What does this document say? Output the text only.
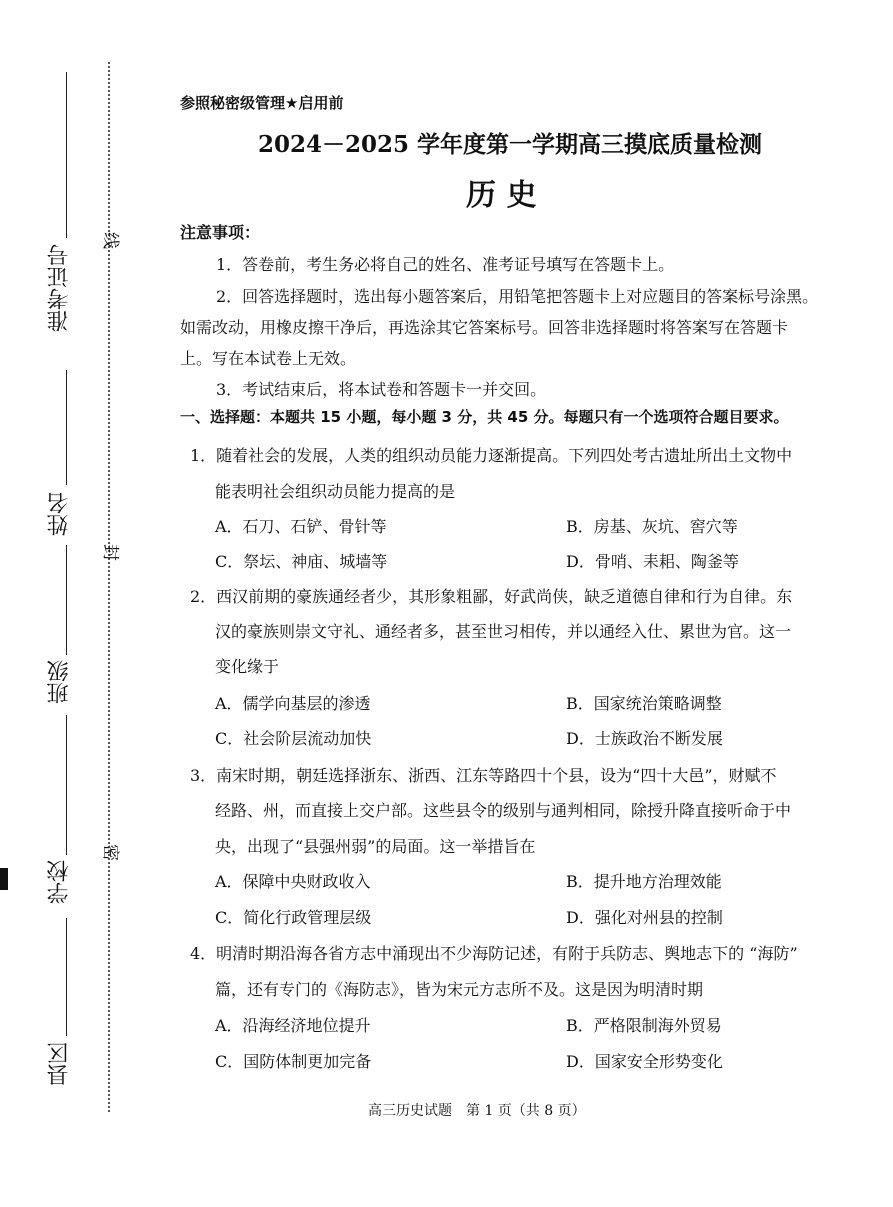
准考证号
姓名
班级
学校
县区
线
封
密
参照秘密级管理★启用前
2024－2025 学年度第一学期高三摸底质量检测
历 史
注意事项：
1．答卷前，考生务必将自己的姓名、准考证号填写在答题卡上。
2．回答选择题时，选出每小题答案后，用铅笔把答题卡上对应题目的答案标号涂黑。
如需改动，用橡皮擦干净后，再选涂其它答案标号。回答非选择题时将答案写在答题卡
上。写在本试卷上无效。
3．考试结束后，将本试卷和答题卡一并交回。
一、选择题：本题共 15 小题，每小题 3 分，共 45 分。每题只有一个选项符合题目要求。
1．随着社会的发展，人类的组织动员能力逐渐提高。下列四处考古遗址所出土文物中
能表明社会组织动员能力提高的是
A．石刀、石铲、骨针等	B．房基、灰坑、窖穴等
C．祭坛、神庙、城墙等	D．骨哨、耒耜、陶釜等
2．西汉前期的豪族通经者少，其形象粗鄙，好武尚侠，缺乏道德自律和行为自律。东
汉的豪族则崇文守礼、通经者多，甚至世习相传，并以通经入仕、累世为官。这一
变化缘于
A．儒学向基层的渗透	B．国家统治策略调整
C．社会阶层流动加快	D．士族政治不断发展
3．南宋时期，朝廷选择浙东、浙西、江东等路四十个县，设为“四十大邑”，财赋不
经路、州，而直接上交户部。这些县令的级别与通判相同，除授升降直接听命于中
央，出现了“县强州弱”的局面。这一举措旨在
A．保障中央财政收入	B．提升地方治理效能
C．简化行政管理层级	D．强化对州县的控制
4．明清时期沿海各省方志中涌现出不少海防记述，有附于兵防志、舆地志下的 “海防”
篇，还有专门的《海防志》，皆为宋元方志所不及。这是因为明清时期
A．沿海经济地位提升	B．严格限制海外贸易
C．国防体制更加完备	D．国家安全形势变化
高三历史试题　第 1 页（共 8 页）
